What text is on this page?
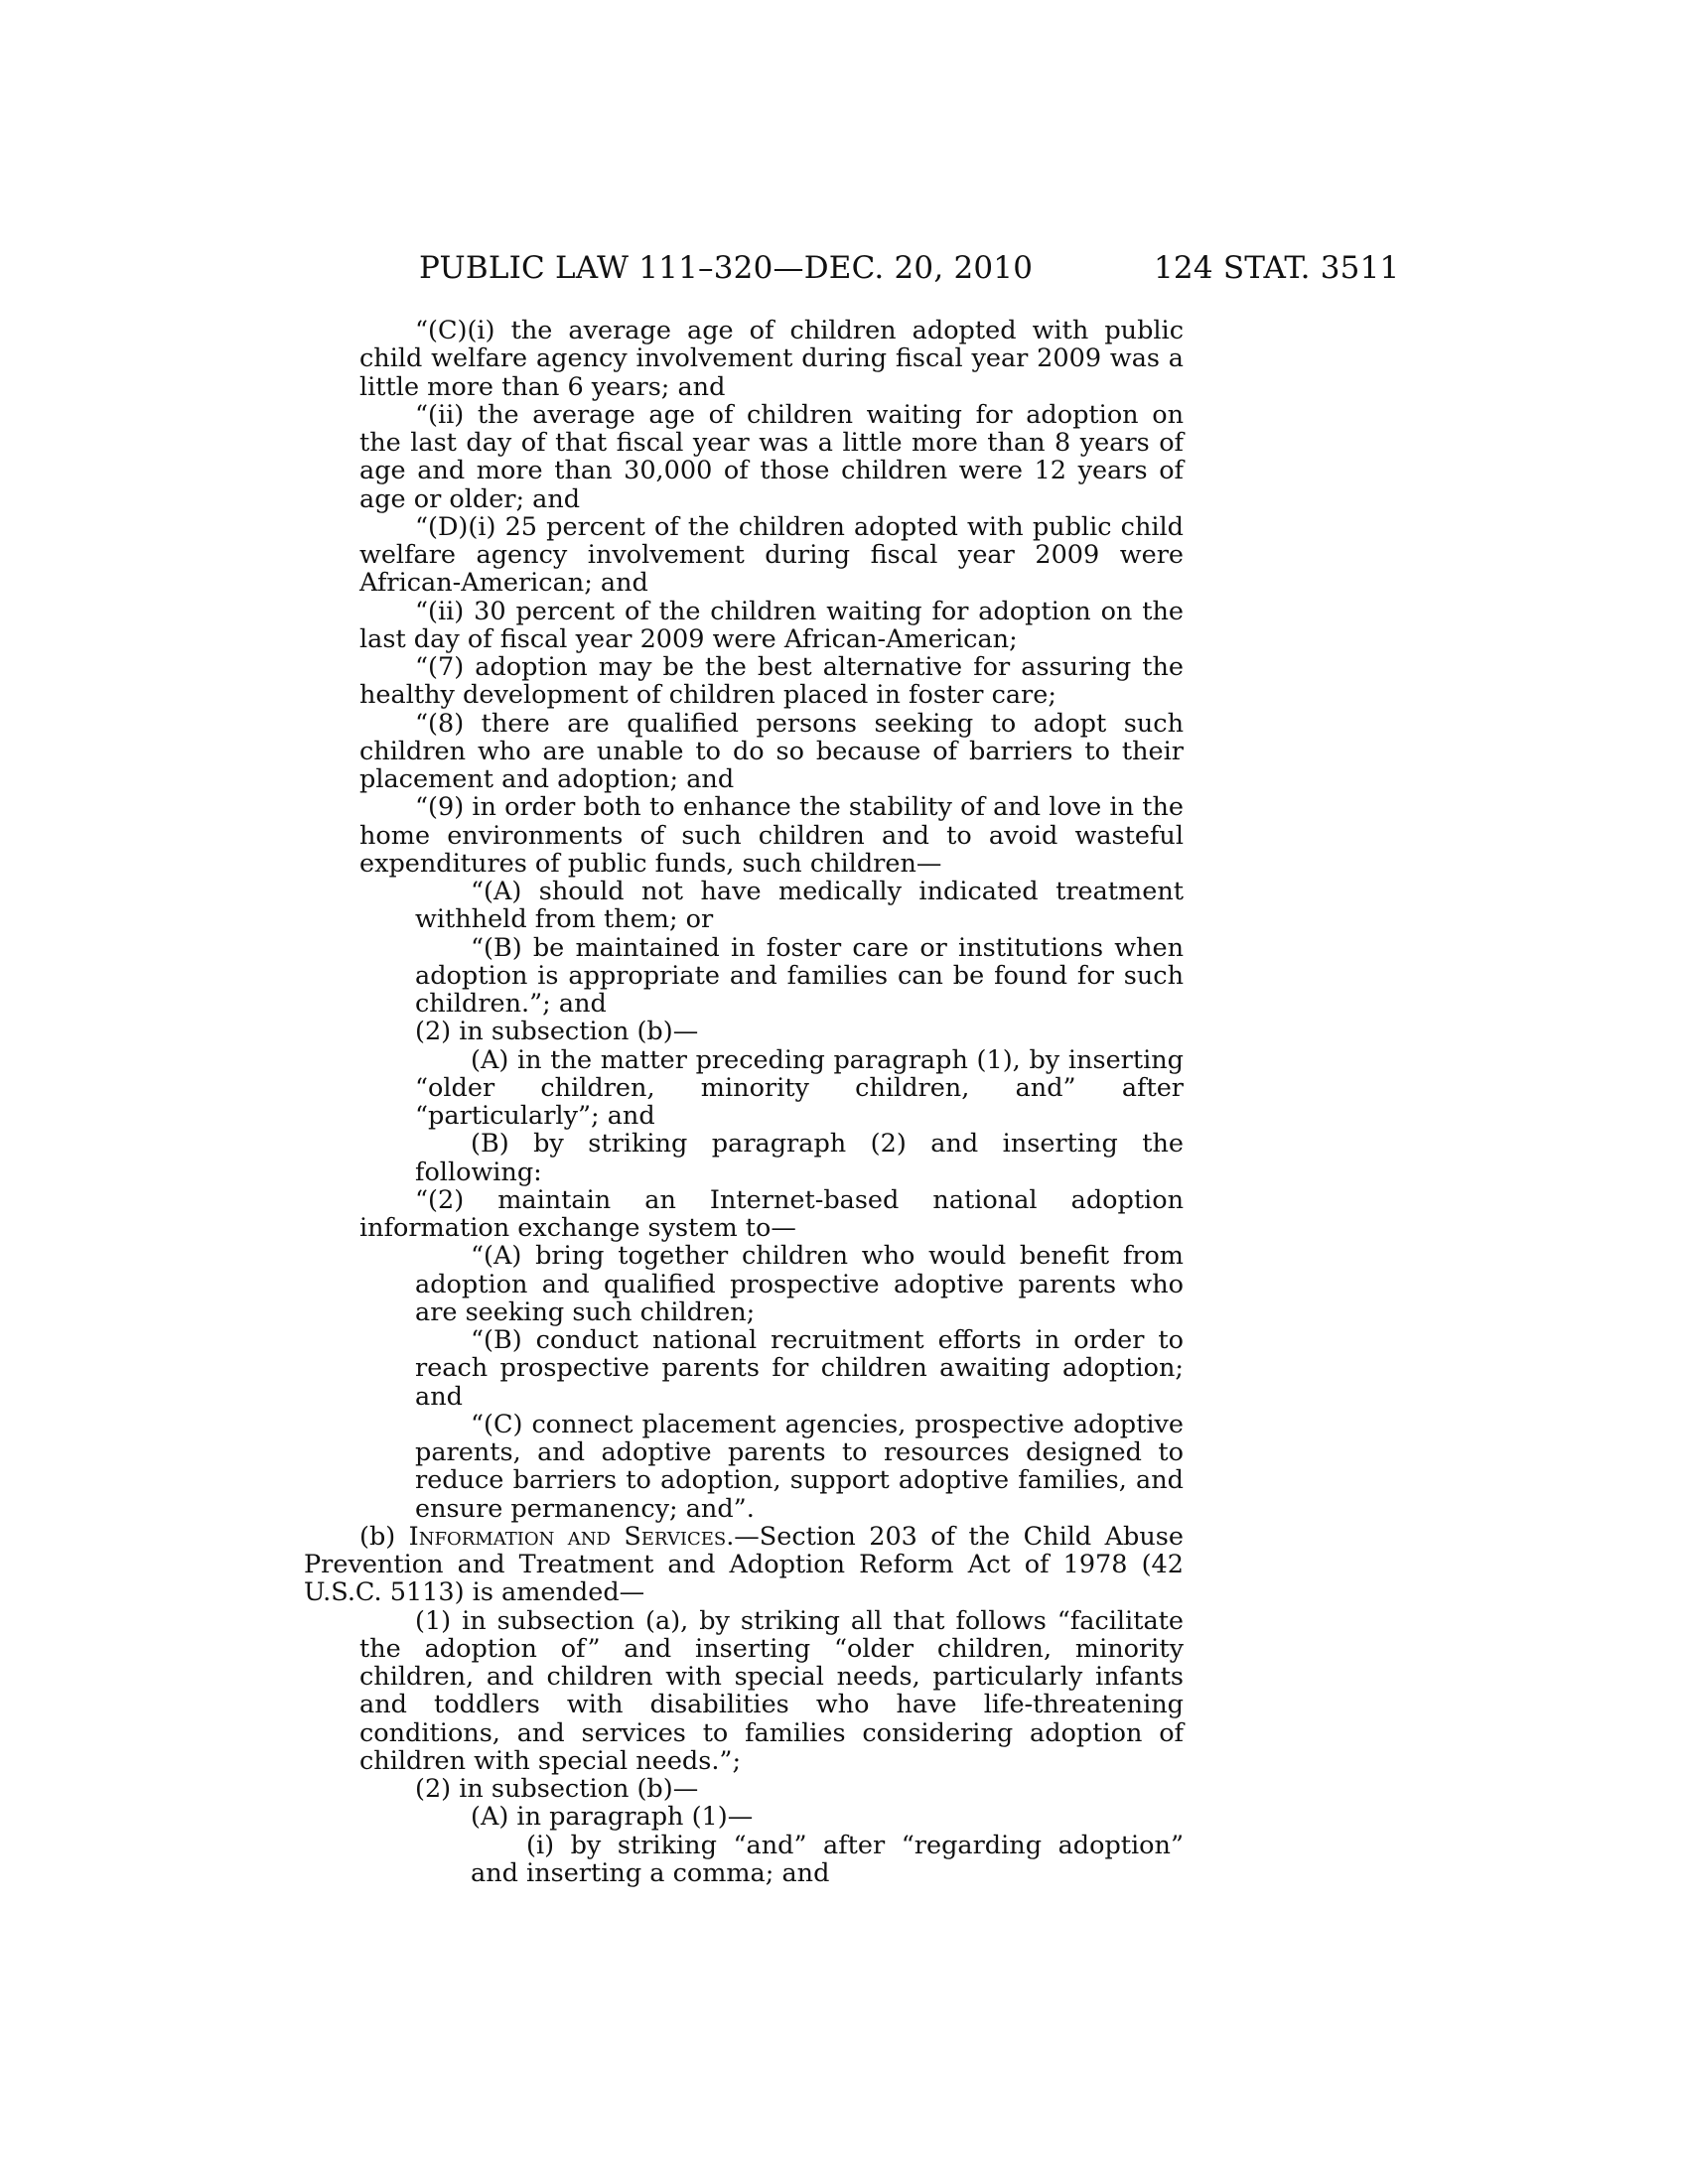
PUBLIC LAW 111–320—DEC. 20, 2010	124 STAT. 3511

“(C)(i) the average age of children adopted with public child welfare agency involvement during fiscal year 2009 was a little more than 6 years; and

“(ii) the average age of children waiting for adoption on the last day of that fiscal year was a little more than 8 years of age and more than 30,000 of those children were 12 years of age or older; and

“(D)(i) 25 percent of the children adopted with public child welfare agency involvement during fiscal year 2009 were African-American; and

“(ii) 30 percent of the children waiting for adoption on the last day of fiscal year 2009 were African-American;

“(7) adoption may be the best alternative for assuring the healthy development of children placed in foster care;

“(8) there are qualified persons seeking to adopt such children who are unable to do so because of barriers to their placement and adoption; and

“(9) in order both to enhance the stability of and love in the home environments of such children and to avoid wasteful expenditures of public funds, such children—

“(A) should not have medically indicated treatment withheld from them; or

“(B) be maintained in foster care or institutions when adoption is appropriate and families can be found for such children.”; and

(2) in subsection (b)—

(A) in the matter preceding paragraph (1), by inserting “older children, minority children, and” after “particularly”; and

(B) by striking paragraph (2) and inserting the following:

“(2) maintain an Internet-based national adoption information exchange system to—

“(A) bring together children who would benefit from adoption and qualified prospective adoptive parents who are seeking such children;

“(B) conduct national recruitment efforts in order to reach prospective parents for children awaiting adoption; and

“(C) connect placement agencies, prospective adoptive parents, and adoptive parents to resources designed to reduce barriers to adoption, support adoptive families, and ensure permanency; and”.

(b) Information and Services.—Section 203 of the Child Abuse Prevention and Treatment and Adoption Reform Act of 1978 (42 U.S.C. 5113) is amended—

(1) in subsection (a), by striking all that follows “facilitate the adoption of” and inserting “older children, minority children, and children with special needs, particularly infants and toddlers with disabilities who have life-threatening conditions, and services to families considering adoption of children with special needs.”;

(2) in subsection (b)—

(A) in paragraph (1)—

(i) by striking “and” after “regarding adoption” and inserting a comma; and
